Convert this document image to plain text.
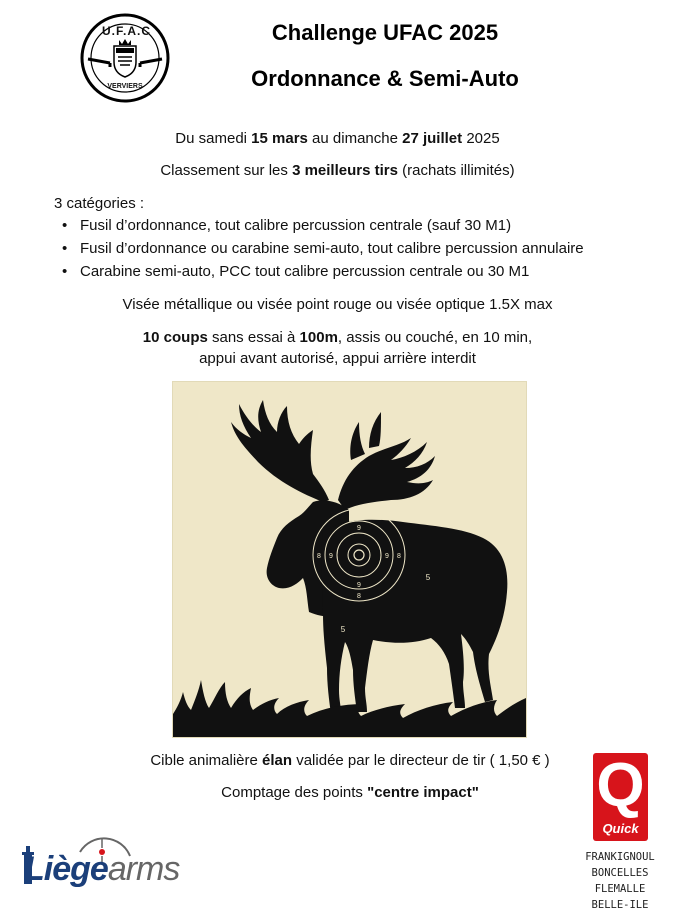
U.F.A.C
VERVIERS
Challenge UFAC 2025
Ordonnance & Semi-Auto
Du samedi 15 mars au dimanche 27 juillet 2025
Classement sur les 3 meilleurs tirs (rachats illimités)
3 catégories :
• Fusil d’ordonnance, tout calibre percussion centrale (sauf 30 M1)
• Fusil d’ordonnance ou carabine semi-auto, tout calibre percussion annulaire
• Carabine semi-auto, PCC tout calibre percussion centrale ou 30 M1
Visée métallique ou visée point rouge ou visée optique 1.5X max
10 coups sans essai à 100m, assis ou couché, en 10 min,
appui avant autorisé, appui arrière interdit
8
9
8 9	8
9
9
8
5
5
5
Cible animalière élan validée par le directeur de tir ( 1,50 € )
Comptage des points "centre impact"
Liègearms
Q
Quick
FRANKIGNOUL
BONCELLES
FLEMALLE
BELLE-ILE
